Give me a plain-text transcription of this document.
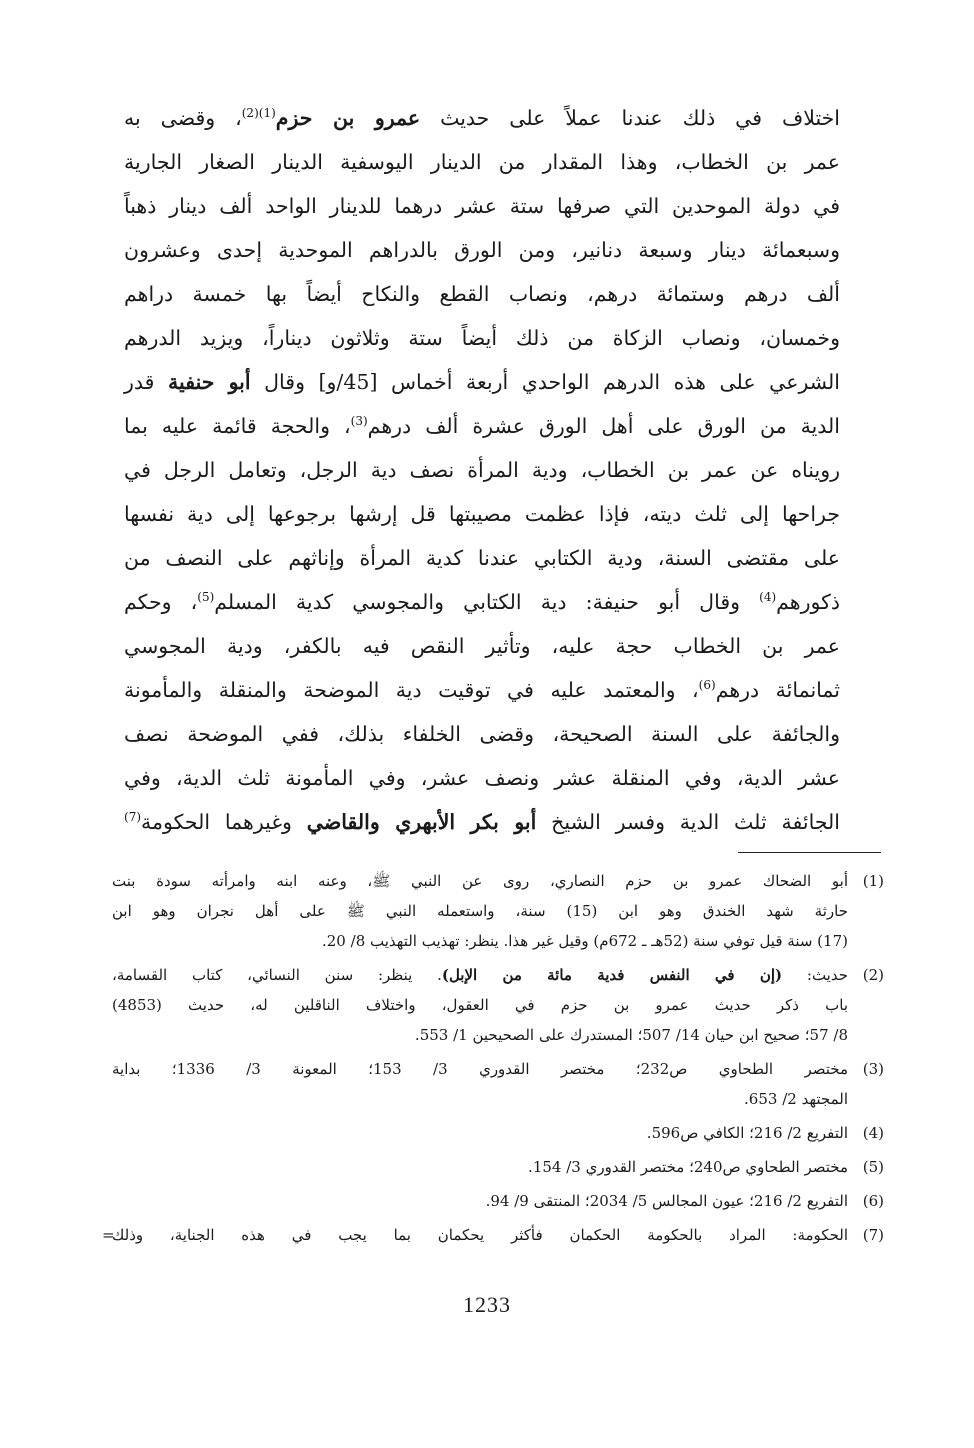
اختلاف في ذلك عندنا عملاً على حديث عمرو بن حزم$^{(1)(2)}$، وقضى به
عمر بن الخطاب، وهذا المقدار من الدينار اليوسفية الدينار الصغار الجارية
في دولة الموحدين التي صرفها ستة عشر درهما للدينار الواحد ألف دينار ذهباً
وسبعمائة دينار وسبعة دنانير، ومن الورق بالدراهم الموحدية إحدى وعشرون
ألف درهم وستمائة درهم، ونصاب القطع والنكاح أيضاً بها خمسة دراهم
وخمسان، ونصاب الزكاة من ذلك أيضاً ستة وثلاثون ديناراً، ويزيد الدرهم
الشرعي على هذه الدرهم الواحدي أربعة أخماس [45/و] وقال أبو حنفية قدر
الدية من الورق على أهل الورق عشرة ألف درهم$^{(3)}$، والحجة قائمة عليه بما
رويناه عن عمر بن الخطاب، ودية المرأة نصف دية الرجل، وتعامل الرجل في
جراحها إلى ثلث ديته، فإذا عظمت مصيبتها قل إرشها برجوعها إلى دية نفسها
على مقتضى السنة، ودية الكتابي عندنا كدية المرأة وإناثهم على النصف من
ذكورهم$^{(4)}$ وقال أبو حنيفة: دية الكتابي والمجوسي كدية المسلم$^{(5)}$، وحكم
عمر بن الخطاب حجة عليه، وتأثير النقص فيه بالكفر، ودية المجوسي
ثمانمائة درهم$^{(6)}$، والمعتمد عليه في توقيت دية الموضحة والمنقلة والمأمونة
والجائفة على السنة الصحيحة، وقضى الخلفاء بذلك، ففي الموضحة نصف
عشر الدية، وفي المنقلة عشر ونصف عشر، وفي المأمونة ثلث الدية، وفي
الجائفة ثلث الدية وفسر الشيخ أبو بكر الأبهري والقاضي وغيرهما الحكومة$^{(7)}$
(1)
أبو الضحاك عمرو بن حزم النصاري، روى عن النبي ﷺ، وعنه ابنه وامرأته سودة بنت
حارثة شهد الخندق وهو ابن (15) سنة، واستعمله النبي ﷺ على أهل نجران وهو ابن
(17) سنة قيل توفي سنة (52هـ ـ 672م) وقيل غير هذا. ينظر: تهذيب التهذيب 8/ 20.
(2)
حديث: (إن في النفس فدية مائة من الإبل). ينظر: سنن النسائي، كتاب القسامة،
باب ذكر حديث عمرو بن حزم في العقول، واختلاف الناقلين له، حديث (4853)
8/ 57؛ صحيح ابن حيان 14/ 507؛ المستدرك على الصحيحين 1/ 553.
(3)
مختصر الطحاوي ص232؛ مختصر القدوري 3/ 153؛ المعونة 3/ 1336؛ بداية
المجتهد 2/ 653.
(4)
التفريع 2/ 216؛ الكافي ص596.
(5)
مختصر الطحاوي ص240؛ مختصر القدوري 3/ 154.
(6)
التفريع 2/ 216؛ عيون المجالس 5/ 2034؛ المنتقى 9/ 94.
(7)
الحكومة: المراد بالحكومة الحكمان فأكثر يحكمان بما يجب في هذه الجناية، وذلك
=
1233
